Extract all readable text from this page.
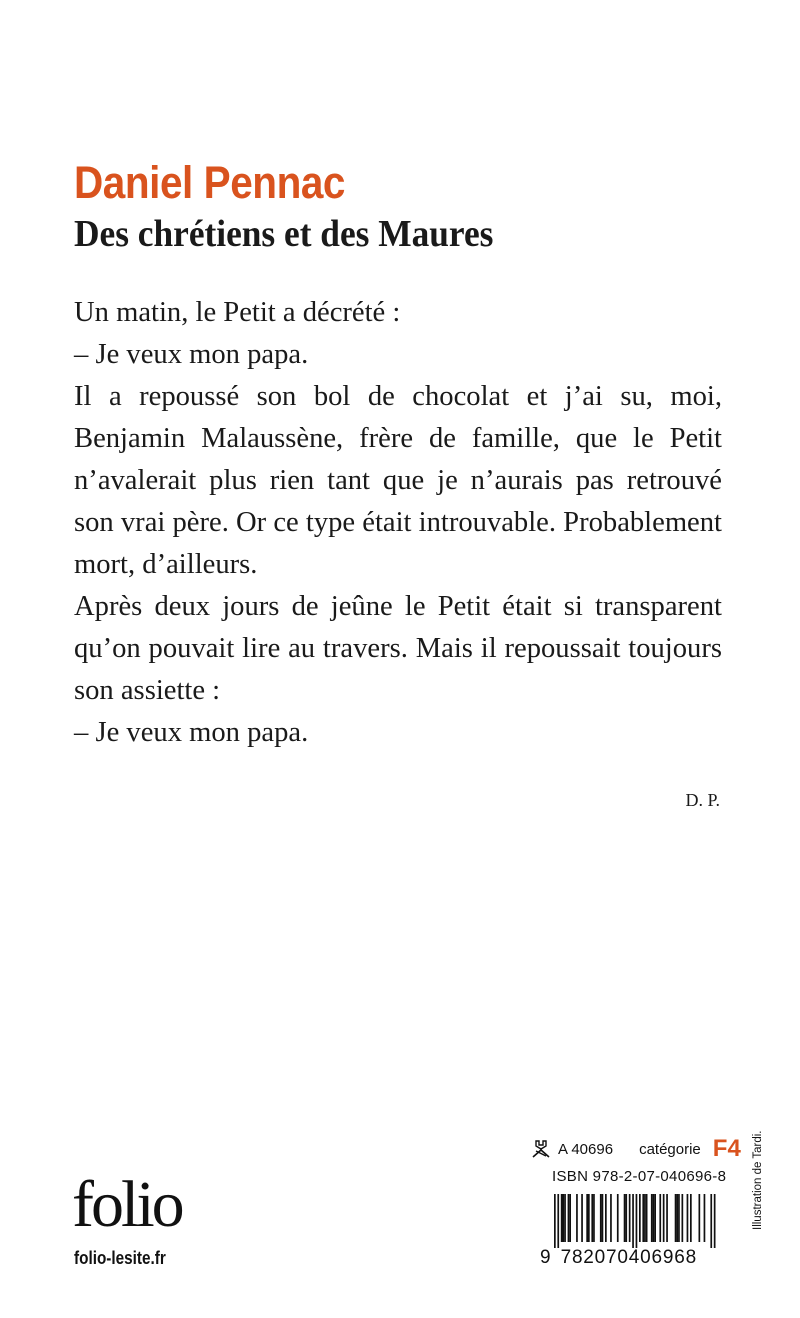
Daniel Pennac
Des chrétiens et des Maures

Un matin, le Petit a décrété :

– Je veux mon papa.

Il a repoussé son bol de chocolat et j’ai su, moi, Benjamin Malaussène, frère de famille, que le Petit n’avalerait plus rien tant que je n’aurais pas retrouvé son vrai père. Or ce type était introuvable. Probablement mort, d’ailleurs.

Après deux jours de jeûne le Petit était si transparent qu’on pouvait lire au travers. Mais il repoussait toujours son assiette :

– Je veux mon papa.

D. P.
A 40696 catégorie F4
ISBN 978-2-07-040696-8
9 782070406968
folio
folio-lesite.fr
Illustration de Tardi.
